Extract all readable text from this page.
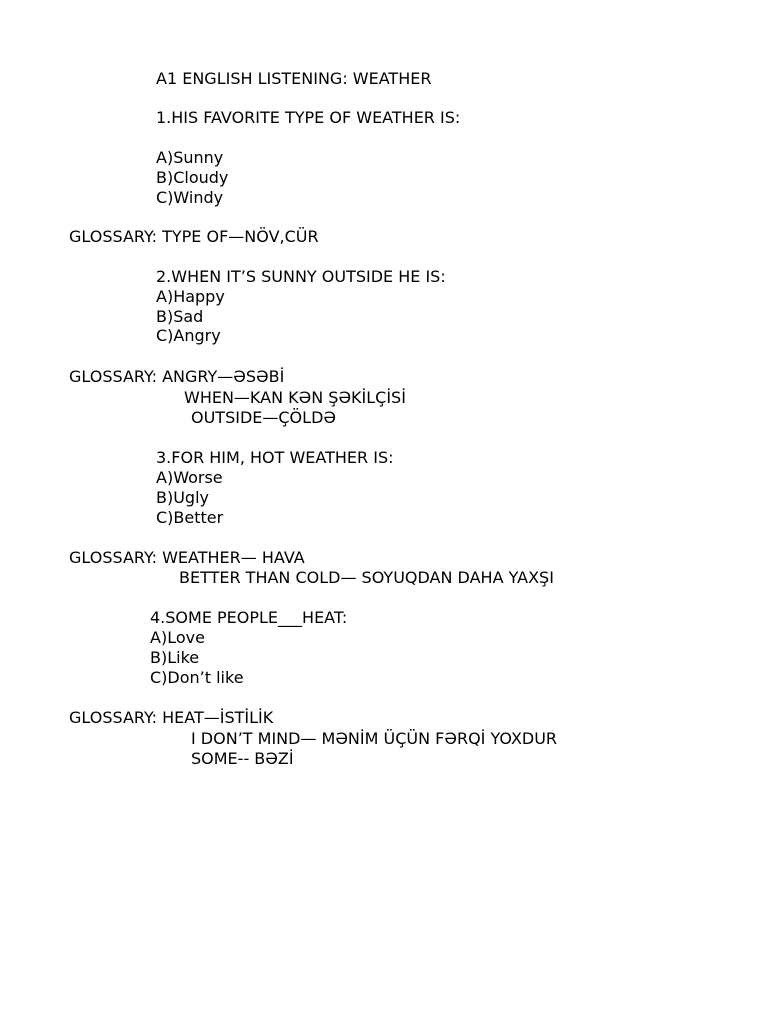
A1 ENGLISH LISTENING: WEATHER
1.HIS FAVORITE TYPE OF WEATHER IS:
A)Sunny
B)Cloudy
C)Windy
GLOSSARY: TYPE OF—NÖV,CÜR
2.WHEN IT’S SUNNY OUTSIDE HE IS:
A)Happy
B)Sad
C)Angry
GLOSSARY: ANGRY—ƏSƏBİ
WHEN—KAN KƏN ŞƏKİLÇİSİ
OUTSIDE—ÇÖLDƏ
3.FOR HIM, HOT WEATHER IS:
A)Worse
B)Ugly
C)Better
GLOSSARY: WEATHER— HAVA
BETTER THAN COLD— SOYUQDAN DAHA YAXŞI
4.SOME PEOPLE___HEAT:
A)Love
B)Like
C)Don’t like
GLOSSARY: HEAT—İSTİLİK
I DON’T MIND— MƏNİM ÜÇÜN FƏRQİ YOXDUR
SOME-- BƏZİ
